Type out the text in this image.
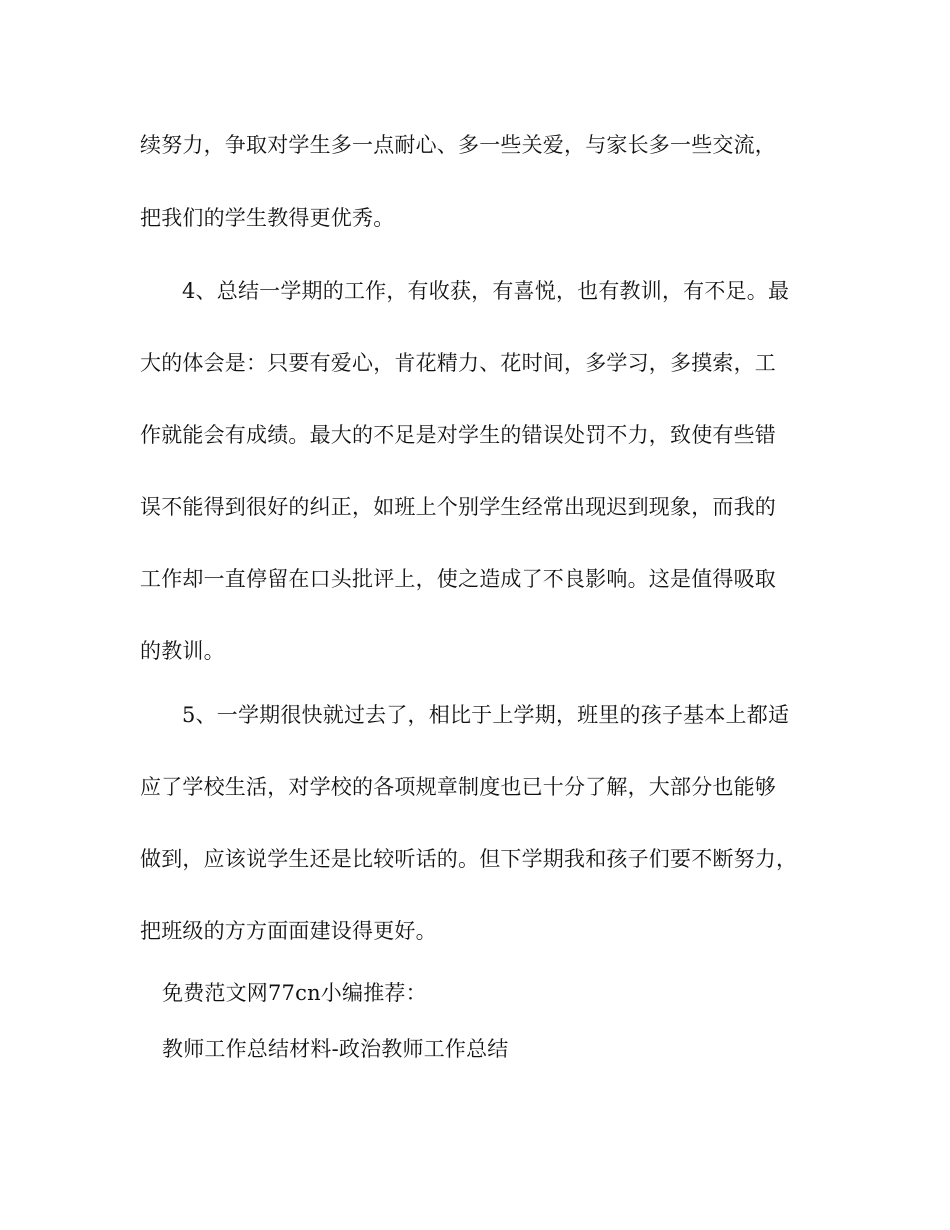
续努力，争取对学生多一点耐心、多一些关爱，与家长多一些交流，
把我们的学生教得更优秀。
4、总结一学期的工作，有收获，有喜悦，也有教训，有不足。最
大的体会是：只要有爱心，肯花精力、花时间，多学习，多摸索，工
作就能会有成绩。最大的不足是对学生的错误处罚不力，致使有些错
误不能得到很好的纠正，如班上个别学生经常出现迟到现象，而我的
工作却一直停留在口头批评上，使之造成了不良影响。这是值得吸取
的教训。
5、一学期很快就过去了，相比于上学期，班里的孩子基本上都适
应了学校生活，对学校的各项规章制度也已十分了解，大部分也能够
做到，应该说学生还是比较听话的。但下学期我和孩子们要不断努力，
把班级的方方面面建设得更好。
免费范文网77cn小编推荐：
教师工作总结材料-政治教师工作总结
